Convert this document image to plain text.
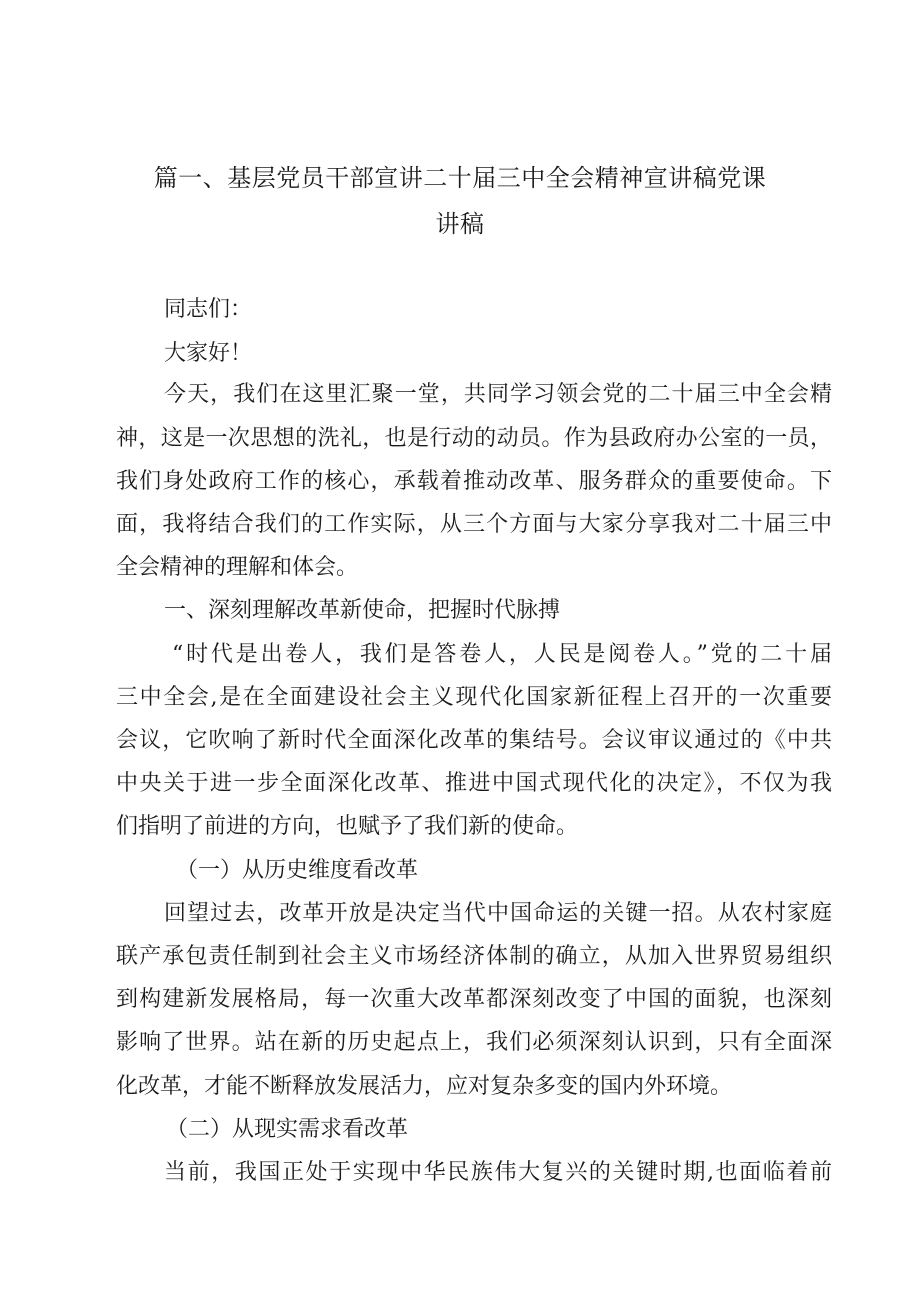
篇一、基层党员干部宣讲二十届三中全会精神宣讲稿党课
讲稿
同志们：
大家好！
今天，我们在这里汇聚一堂，共同学习领会党的二十届三中全会精
神，这是一次思想的洗礼，也是行动的动员。作为县政府办公室的一员，
我们身处政府工作的核心，承载着推动改革、服务群众的重要使命。下
面，我将结合我们的工作实际，从三个方面与大家分享我对二十届三中
全会精神的理解和体会。
一、深刻理解改革新使命，把握时代脉搏
“时代是出卷人，我们是答卷人，人民是阅卷人。”党的二十届
三中全会,是在全面建设社会主义现代化国家新征程上召开的一次重要
会议，它吹响了新时代全面深化改革的集结号。会议审议通过的《中共
中央关于进一步全面深化改革、推进中国式现代化的决定》，不仅为我
们指明了前进的方向，也赋予了我们新的使命。
（一）从历史维度看改革
回望过去，改革开放是决定当代中国命运的关键一招。从农村家庭
联产承包责任制到社会主义市场经济体制的确立，从加入世界贸易组织
到构建新发展格局，每一次重大改革都深刻改变了中国的面貌，也深刻
影响了世界。站在新的历史起点上，我们必须深刻认识到，只有全面深
化改革，才能不断释放发展活力，应对复杂多变的国内外环境。
（二）从现实需求看改革
当前，我国正处于实现中华民族伟大复兴的关键时期,也面临着前
